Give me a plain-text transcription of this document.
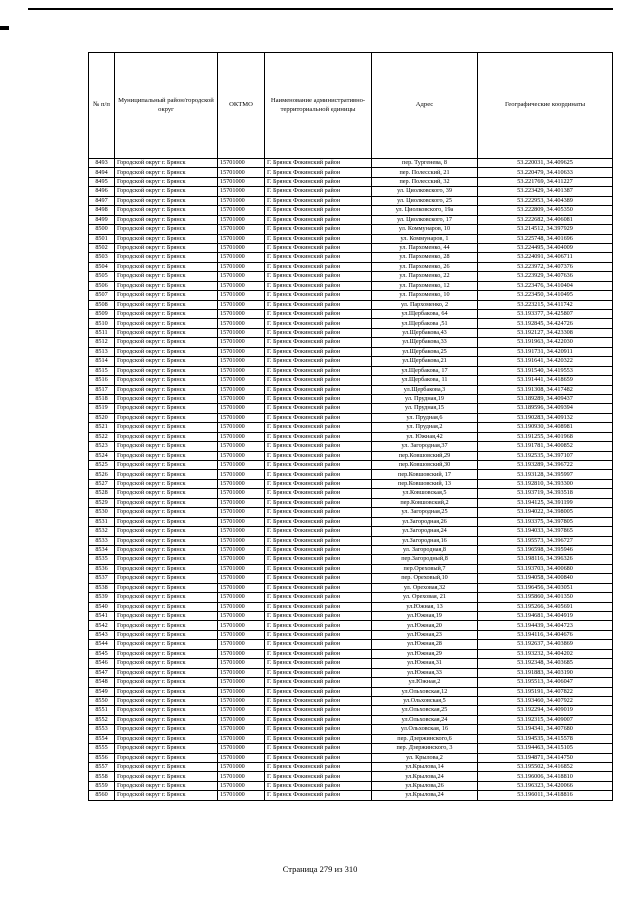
№ п/п	Муниципальный район/городской округ	ОКТМО	Наименование административно-территориальной единицы	Адрес	Географические координаты
8493	Городской округ г. Брянск	15701000	Г. Брянск Фокинский район	пер. Тургенева, 8	53.220031, 34.409625
8494	Городской округ г. Брянск	15701000	Г. Брянск Фокинский район	пер. Полесский, 21	53.220479, 34.410633
8495	Городской округ г. Брянск	15701000	Г. Брянск Фокинский район	пер. Полесский, 32	53.221769, 34.411227
8496	Городской округ г. Брянск	15701000	Г. Брянск Фокинский район	ул. Циолковского, 39	53.223429, 34.401387
8497	Городской округ г. Брянск	15701000	Г. Брянск Фокинский район	ул. Циолковского, 25	53.222953, 34.404389
8498	Городской округ г. Брянск	15701000	Г. Брянск Фокинский район	ул. Циолковского, 19а	53.222809, 34.405350
8499	Городской округ г. Брянск	15701000	Г. Брянск Фокинский район	ул. Циолковского, 17	53.222682, 34.406081
8500	Городской округ г. Брянск	15701000	Г. Брянск Фокинский район	ул. Коммунаров, 10	53.214512, 34.397929
8501	Городской округ г. Брянск	15701000	Г. Брянск Фокинский район	ул. Коммунаров, 1	53.225748, 34.401696
8502	Городской округ г. Брянск	15701000	Г. Брянск Фокинский район	ул. Пархоменко, 44	53.224495, 34.404009
8503	Городской округ г. Брянск	15701000	Г. Брянск Фокинский район	ул. Пархоменко, 28	53.224091, 34.406711
8504	Городской округ г. Брянск	15701000	Г. Брянск Фокинский район	ул. Пархоменко, 26	53.223972, 34.407376
8505	Городской округ г. Брянск	15701000	Г. Брянск Фокинский район	ул. Пархоменко, 22	53.223929, 34.407636
8506	Городской округ г. Брянск	15701000	Г. Брянск Фокинский район	ул. Пархоменко, 12	53.223476, 34.410404
8507	Городской округ г. Брянск	15701000	Г. Брянск Фокинский район	ул. Пархоменко, 10	53.223450, 34.410495
8508	Городской округ г. Брянск	15701000	Г. Брянск Фокинский район	ул. Пархоменко, 2	53.223215, 34.411742
8509	Городской округ г. Брянск	15701000	Г. Брянск Фокинский район	ул.Щербакова, 64	53.193377, 34.425807
8510	Городской округ г. Брянск	15701000	Г. Брянск Фокинский район	ул.Щербакова ,51	53.192845, 34.424726
8511	Городской округ г. Брянск	15701000	Г. Брянск Фокинский район	ул.Щербакова,43	53.192127, 34.423308
8512	Городской округ г. Брянск	15701000	Г. Брянск Фокинский район	ул.Щербакова,33	53.191963, 34.422030
8513	Городской округ г. Брянск	15701000	Г. Брянск Фокинский район	ул.Щербакова,25	53.191731, 34.420911
8514	Городской округ г. Брянск	15701000	Г. Брянск Фокинский район	ул.Щербакова,21	53.191641, 34.420322
8515	Городской округ г. Брянск	15701000	Г. Брянск Фокинский район	ул.Щербакова, 17	53.191540, 34.419553
8516	Городской округ г. Брянск	15701000	Г. Брянск Фокинский район	ул.Щербакова, 11	53.191441, 34.418659
8517	Городской округ г. Брянск	15701000	Г. Брянск Фокинский район	ул.Щербакова,3	53.191308, 34.417482
8518	Городской округ г. Брянск	15701000	Г. Брянск Фокинский район	ул. Прудная,19	53.189289, 34.409437
8519	Городской округ г. Брянск	15701000	Г. Брянск Фокинский район	ул. Прудная,15	53.189596, 34.409394
8520	Городской округ г. Брянск	15701000	Г. Брянск Фокинский район	ул. Прудная,6	53.190283, 34.409132
8521	Городской округ г. Брянск	15701000	Г. Брянск Фокинский район	ул. Прудная,2	53.190930, 34.408981
8522	Городской округ г. Брянск	15701000	Г. Брянск Фокинский район	ул. Южная,42	53.191255, 34.401968
8523	Городской округ г. Брянск	15701000	Г. Брянск Фокинский район	ул. Загородная,37	53.191781, 34.400852
8524	Городской округ г. Брянск	15701000	Г. Брянск Фокинский район	пер.Ковшовский,29	53.192535, 34.397107
8525	Городской округ г. Брянск	15701000	Г. Брянск Фокинский район	пер.Ковшовский,30	53.193289, 34.396722
8526	Городской округ г. Брянск	15701000	Г. Брянск Фокинский район	пер.Ковшовский, 17	53.193128, 34.395997
8527	Городской округ г. Брянск	15701000	Г. Брянск Фокинский район	пер.Ковшовский, 13	53.192810, 34.393300
8528	Городской округ г. Брянск	15701000	Г. Брянск Фокинский район	ул.Ковшовская,5	53.193719, 34.393518
8529	Городской округ г. Брянск	15701000	Г. Брянск Фокинский район	пер.Ковшовский,2	53.194125, 34.391199
8530	Городской округ г. Брянск	15701000	Г. Брянск Фокинский район	ул. Загородная,25	53.194022, 34.398005
8531	Городской округ г. Брянск	15701000	Г. Брянск Фокинский район	ул.Загородная,26	53.193375, 34.397805
8532	Городской округ г. Брянск	15701000	Г. Брянск Фокинский район	ул.Загородная,24	53.194033, 34.397865
8533	Городской округ г. Брянск	15701000	Г. Брянск Фокинский район	ул.Загородная,16	53.195573, 34.396727
8534	Городской округ г. Брянск	15701000	Г. Брянск Фокинский район	ул. Загородная,8	53.196598, 34.395946
8535	Городской округ г. Брянск	15701000	Г. Брянск Фокинский район	пер.Загородный,8	53.198116, 34.396326
8536	Городской округ г. Брянск	15701000	Г. Брянск Фокинский район	пер.Ореховый,7	53.193703, 34.400680
8537	Городской округ г. Брянск	15701000	Г. Брянск Фокинский район	пер. Ореховый,10	53.194058, 34.400840
8538	Городской округ г. Брянск	15701000	Г. Брянск Фокинский район	ул. Ореховая,32	53.196456, 34.403051
8539	Городской округ г. Брянск	15701000	Г. Брянск Фокинский район	ул. Ореховая, 21	53.195860, 34.401350
8540	Городской округ г. Брянск	15701000	Г. Брянск Фокинский район	ул.Южная, 13	53.195266, 34.405691
8541	Городской округ г. Брянск	15701000	Г. Брянск Фокинский район	ул.Южная,19	53.194681, 34.404919
8542	Городской округ г. Брянск	15701000	Г. Брянск Фокинский район	ул.Южная,20	53.194439, 34.404723
8543	Городской округ г. Брянск	15701000	Г. Брянск Фокинский район	ул.Южная,23	53.194116, 34.404676
8544	Городской округ г. Брянск	15701000	Г. Брянск Фокинский район	ул.Южная,28	53.192637, 34.403869
8545	Городской округ г. Брянск	15701000	Г. Брянск Фокинский район	ул.Южная,29	53.193232, 34.404202
8546	Городской округ г. Брянск	15701000	Г. Брянск Фокинский район	ул.Южная,31	53.192348, 34.403685
8547	Городской округ г. Брянск	15701000	Г. Брянск Фокинский район	ул.Южная,33	53.191883, 34.403190
8548	Городской округ г. Брянск	15701000	Г. Брянск Фокинский район	ул.Южная,2	53.195513, 34.406047
8549	Городской округ г. Брянск	15701000	Г. Брянск Фокинский район	ул.Ольховская,12	53.195191, 34.407822
8550	Городской округ г. Брянск	15701000	Г. Брянск Фокинский район	ул.Ольховская,5	53.193460, 34.407922
8551	Городской округ г. Брянск	15701000	Г. Брянск Фокинский район	ул.Ольховская,25	53.192294, 34.409019
8552	Городской округ г. Брянск	15701000	Г. Брянск Фокинский район	ул.Ольховская,24	53.192315, 34.409007
8553	Городской округ г. Брянск	15701000	Г. Брянск Фокинский район	ул.Ольховская, 16	53.194341, 34.407680
8554	Городской округ г. Брянск	15701000	Г. Брянск Фокинский район	пер. Дзержинского,6	53.194535, 34.415578
8555	Городской округ г. Брянск	15701000	Г. Брянск Фокинский район	пер. Дзержинского, 3	53.194463, 34.415105
8556	Городской округ г. Брянск	15701000	Г. Брянск Фокинский район	ул. Крылова,2	53.194871, 34.414750
8557	Городской округ г. Брянск	15701000	Г. Брянск Фокинский район	ул.Крылова,14	53.195502, 34.416852
8558	Городской округ г. Брянск	15701000	Г. Брянск Фокинский район	ул.Крылова,24	53.196006, 34.418810
8559	Городской округ г. Брянск	15701000	Г. Брянск Фокинский район	ул.Крылова,26	53.196323, 34.420066
8560	Городской округ г. Брянск	15701000	Г. Брянск Фокинский район	ул.Крылова,24	53.196011, 34.418816
Страница 279 из 310
